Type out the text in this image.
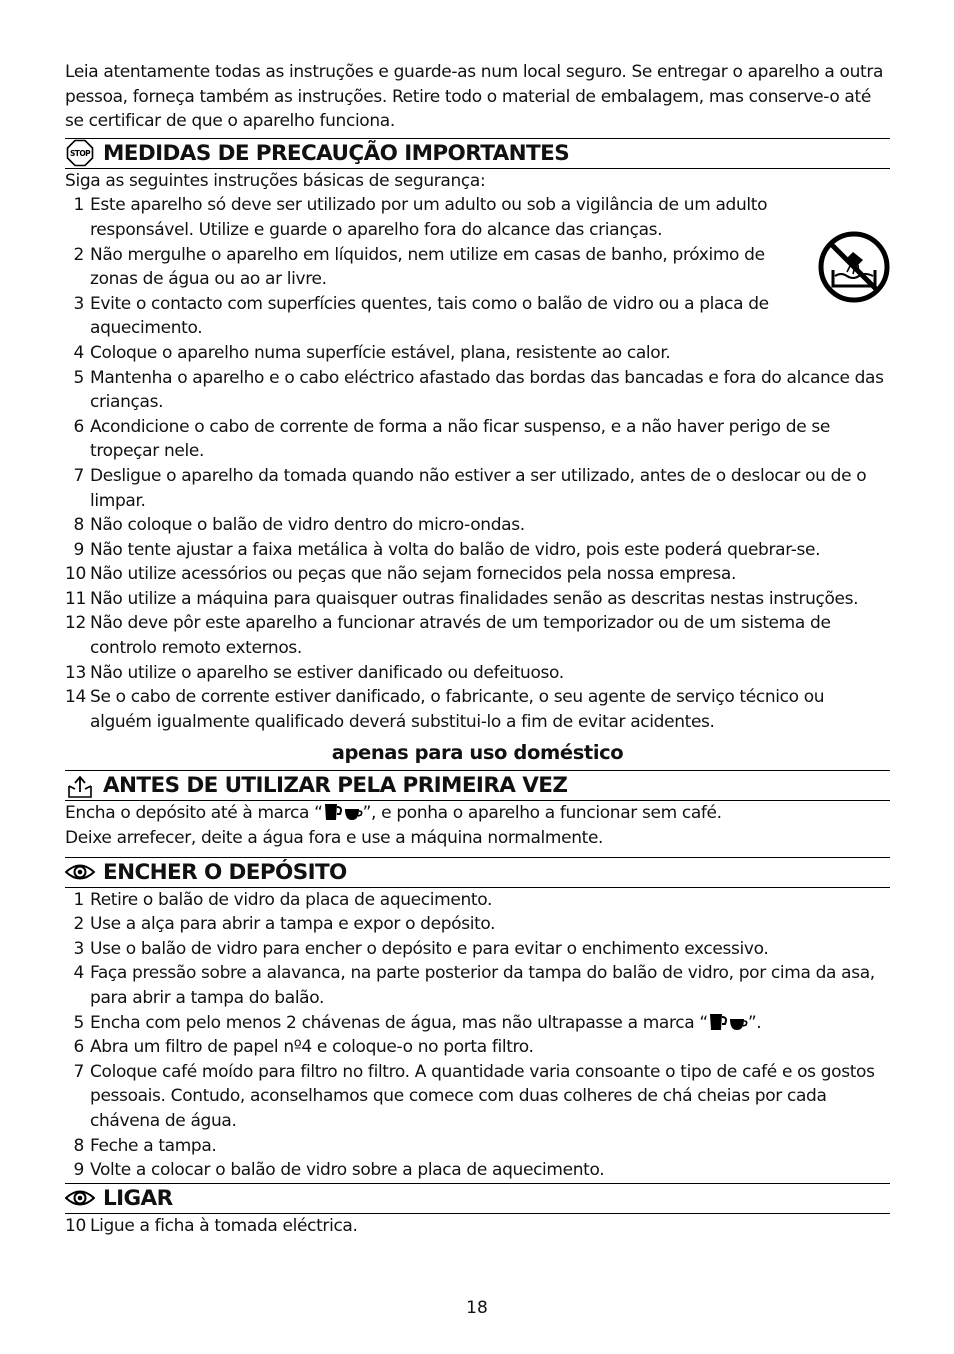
Leia atentamente todas as instruções e guarde-as num local seguro. Se entregar o aparelho a outra pessoa, forneça também as instruções. Retire todo o material de embalagem, mas conserve-o até se certificar de que o aparelho funciona.

STOP MEDIDAS DE PRECAUÇÃO IMPORTANTES
Siga as seguintes instruções básicas de segurança:
1 Este aparelho só deve ser utilizado por um adulto ou sob a vigilância de um adulto responsável. Utilize e guarde o aparelho fora do alcance das crianças.
2 Não mergulhe o aparelho em líquidos, nem utilize em casas de banho, próximo de zonas de água ou ao ar livre.
3 Evite o contacto com superfícies quentes, tais como o balão de vidro ou a placa de aquecimento.
4 Coloque o aparelho numa superfície estável, plana, resistente ao calor.
5 Mantenha o aparelho e o cabo eléctrico afastado das bordas das bancadas e fora do alcance das crianças.
6 Acondicione o cabo de corrente de forma a não ficar suspenso, e a não haver perigo de se tropeçar nele.
7 Desligue o aparelho da tomada quando não estiver a ser utilizado, antes de o deslocar ou de o limpar.
8 Não coloque o balão de vidro dentro do micro-ondas.
9 Não tente ajustar a faixa metálica à volta do balão de vidro, pois este poderá quebrar-se.
10 Não utilize acessórios ou peças que não sejam fornecidos pela nossa empresa.
11 Não utilize a máquina para quaisquer outras finalidades senão as descritas nestas instruções.
12 Não deve pôr este aparelho a funcionar através de um temporizador ou de um sistema de controlo remoto externos.
13 Não utilize o aparelho se estiver danificado ou defeituoso.
14 Se o cabo de corrente estiver danificado, o fabricante, o seu agente de serviço técnico ou alguém igualmente qualificado deverá substitui-lo a fim de evitar acidentes.
apenas para uso doméstico
ANTES DE UTILIZAR PELA PRIMEIRA VEZ
Encha o depósito até à marca “ ”, e ponha o aparelho a funcionar sem café.
Deixe arrefecer, deite a água fora e use a máquina normalmente.
ENCHER O DEPÓSITO
1 Retire o balão de vidro da placa de aquecimento.
2 Use a alça para abrir a tampa e expor o depósito.
3 Use o balão de vidro para encher o depósito e para evitar o enchimento excessivo.
4 Faça pressão sobre a alavanca, na parte posterior da tampa do balão de vidro, por cima da asa, para abrir a tampa do balão.
5 Encha com pelo menos 2 chávenas de água, mas não ultrapasse a marca “ ”.
6 Abra um filtro de papel nº4 e coloque-o no porta filtro.
7 Coloque café moído para filtro no filtro. A quantidade varia consoante o tipo de café e os gostos pessoais. Contudo, aconselhamos que comece com duas colheres de chá cheias por cada chávena de água.
8 Feche a tampa.
9 Volte a colocar o balão de vidro sobre a placa de aquecimento.
LIGAR
10 Ligue a ficha à tomada eléctrica.
18
